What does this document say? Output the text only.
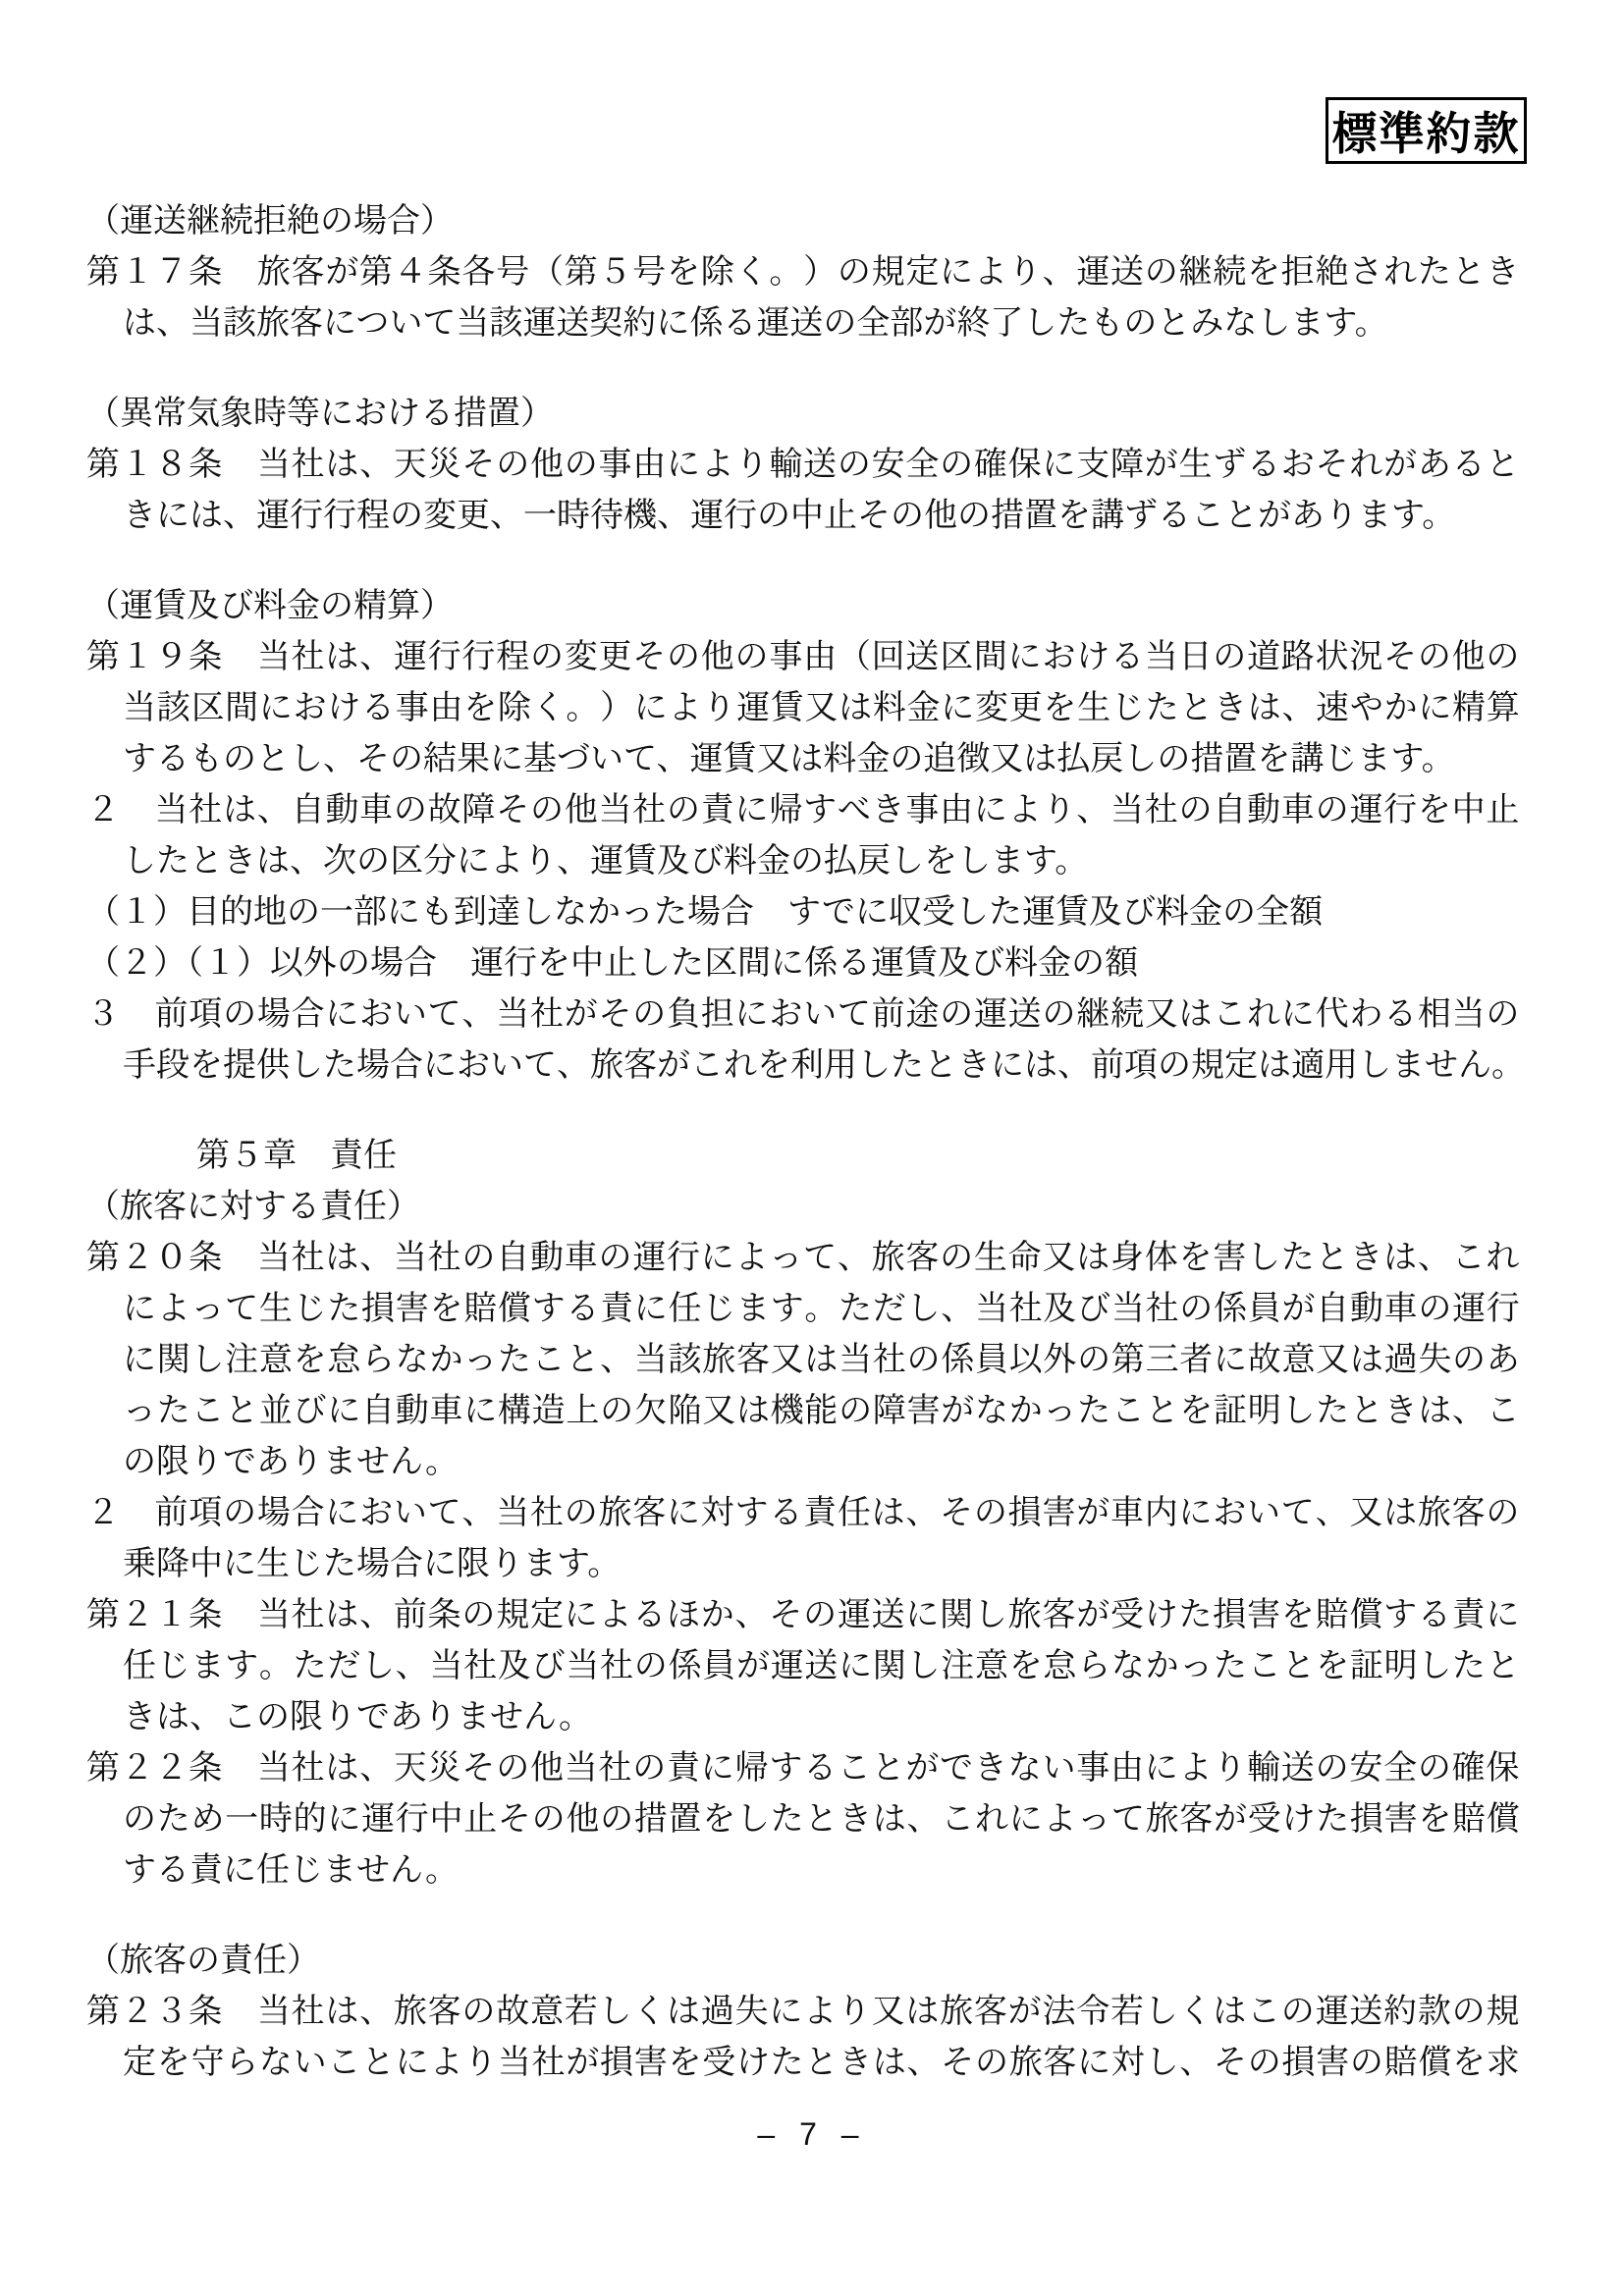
標準約款
（運送継続拒絶の場合）
第 １ ７ 条
　 旅 客 が 第 ４ 条 各 号 （ 第 ５ 号 を 除 く 。 ） の 規 定 に よ り 、 運 送 の 継 続 を 拒 絶 さ れ た と き
は、当該旅客について当該運送契約に係る運送の全部が終了したものとみなします。
（異常気象時等における措置）
第 １ ８ 条
　 当 社 は 、 天 災 そ の 他 の 事 由 に よ り 輸 送 の 安 全 の 確 保 に 支 障 が 生 ず る お そ れ が あ る と
きには、運行行程の変更、一時待機、運行の中止その他の措置を講ずることがあります。
（運賃及び料金の精算）
第 １ ９ 条
　 当 社 は 、 運 行 行 程 の 変 更 そ の 他 の 事 由 （ 回 送 区 間 に お け る 当 日 の 道 路 状 況 そ の 他 の
当 該 区 間 に お け る 事 由 を 除 く 。 ） に よ り 運 賃 又 は 料 金 に 変 更 を 生 じ た と き は 、 速 や か に 精 算
するものとし、その結果に基づいて、運賃又は料金の追徴又は払戻しの措置を講じます。
２
　 当 社 は 、 自 動 車 の 故 障 そ の 他 当 社 の 責 に 帰 す べ き 事 由 に よ り 、 当 社 の 自 動 車 の 運 行 を 中 止
したときは、次の区分により、運賃及び料金の払戻しをします。
（１）目的地の一部にも到達しなかった場合　すでに収受した運賃及び料金の全額
（２）（１）以外の場合　運行を中止した区間に係る運賃及び料金の額
３
　 前 項 の 場 合 に お い て 、 当 社 が そ の 負 担 に お い て 前 途 の 運 送 の 継 続 又 は こ れ に 代 わ る 相 当 の
手 段 を 提 供 し た 場 合 に お い て 、 旅 客 が こ れ を 利 用 し た と き に は 、 前 項 の 規 定 は 適 用 し ま せ ん 。
第５章　責任
（旅客に対する責任）
第 ２ ０ 条
　 当 社 は 、 当 社 の 自 動 車 の 運 行 に よ っ て 、 旅 客 の 生 命 又 は 身 体 を 害 し た と き は 、 こ れ
に よ っ て 生 じ た 損 害 を 賠 償 す る 責 に 任 じ ま す 。 た だ し 、 当 社 及 び 当 社 の 係 員 が 自 動 車 の 運 行
に 関 し 注 意 を 怠 ら な か っ た こ と 、 当 該 旅 客 又 は 当 社 の 係 員 以 外 の 第 三 者 に 故 意 又 は 過 失 の あ
っ た こ と 並 び に 自 動 車 に 構 造 上 の 欠 陥 又 は 機 能 の 障 害 が な か っ た こ と を 証 明 し た と き は 、 こ
の限りでありません。
２
　 前 項 の 場 合 に お い て 、 当 社 の 旅 客 に 対 す る 責 任 は 、 そ の 損 害 が 車 内 に お い て 、 又 は 旅 客 の
乗降中に生じた場合に限ります。
第 ２ １ 条
　 当 社 は 、 前 条 の 規 定 に よ る ほ か 、 そ の 運 送 に 関 し 旅 客 が 受 け た 損 害 を 賠 償 す る 責 に
任 じ ま す 。 た だ し 、 当 社 及 び 当 社 の 係 員 が 運 送 に 関 し 注 意 を 怠 ら な か っ た こ と を 証 明 し た と
きは、この限りでありません。
第 ２ ２ 条
　 当 社 は 、 天 災 そ の 他 当 社 の 責 に 帰 す る こ と が で き な い 事 由 に よ り 輸 送 の 安 全 の 確 保
の た め 一 時 的 に 運 行 中 止 そ の 他 の 措 置 を し た と き は 、 こ れ に よ っ て 旅 客 が 受 け た 損 害 を 賠 償
する責に任じません。
（旅客の責任）
第 ２ ３ 条
　 当 社 は 、 旅 客 の 故 意 若 し く は 過 失 に よ り 又 は 旅 客 が 法 令 若 し く は こ の 運 送 約 款 の 規
定 を 守 ら な い こ と に よ り 当 社 が 損 害 を 受 け た と き は 、 そ の 旅 客 に 対 し 、 そ の 損 害 の 賠 償 を 求
– 7 –
